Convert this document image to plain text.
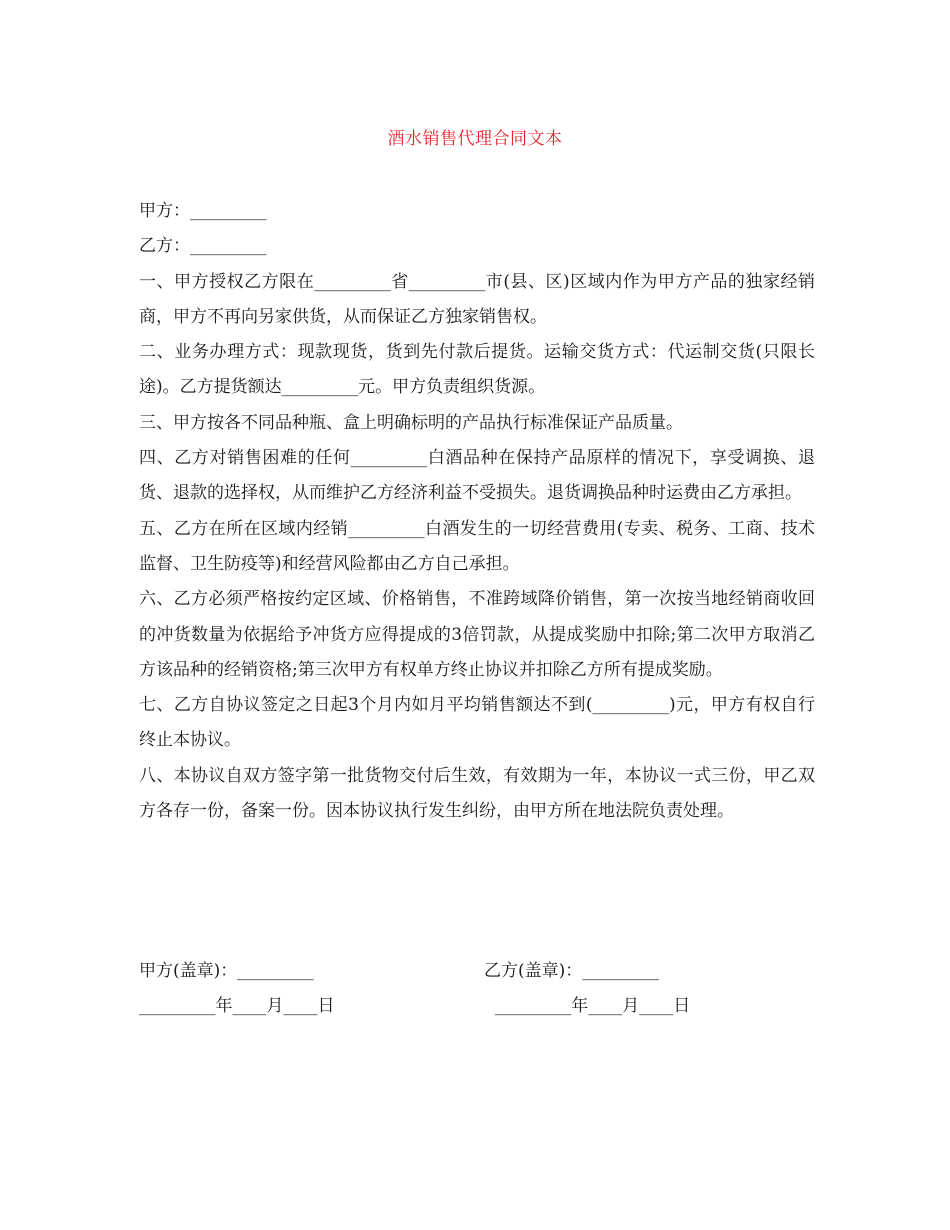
酒水销售代理合同文本

甲方：_________

乙方：_________

一、甲方授权乙方限在_________省_________市(县、区)区域内作为甲方产品的独家经销商，甲方不再向另家供货，从而保证乙方独家销售权。

二、业务办理方式：现款现货，货到先付款后提货。运输交货方式：代运制交货(只限长途)。乙方提货额达_________元。甲方负责组织货源。

三、甲方按各不同品种瓶、盒上明确标明的产品执行标准保证产品质量。

四、乙方对销售困难的任何_________白酒品种在保持产品原样的情况下，享受调换、退货、退款的选择权，从而维护乙方经济利益不受损失。退货调换品种时运费由乙方承担。

五、乙方在所在区域内经销_________白酒发生的一切经营费用(专卖、税务、工商、技术监督、卫生防疫等)和经营风险都由乙方自己承担。

六、乙方必须严格按约定区域、价格销售，不准跨域降价销售，第一次按当地经销商收回的冲货数量为依据给予冲货方应得提成的3倍罚款，从提成奖励中扣除;第二次甲方取消乙方该品种的经销资格;第三次甲方有权单方终止协议并扣除乙方所有提成奖励。

七、乙方自协议签定之日起3个月内如月平均销售额达不到(_________)元，甲方有权自行终止本协议。

八、本协议自双方签字第一批货物交付后生效，有效期为一年，本协议一式三份，甲乙双方各存一份，备案一份。因本协议执行发生纠纷，由甲方所在地法院负责处理。

甲方(盖章)：_________	乙方(盖章)：_________
_________年____月____日	_________年____月____日
